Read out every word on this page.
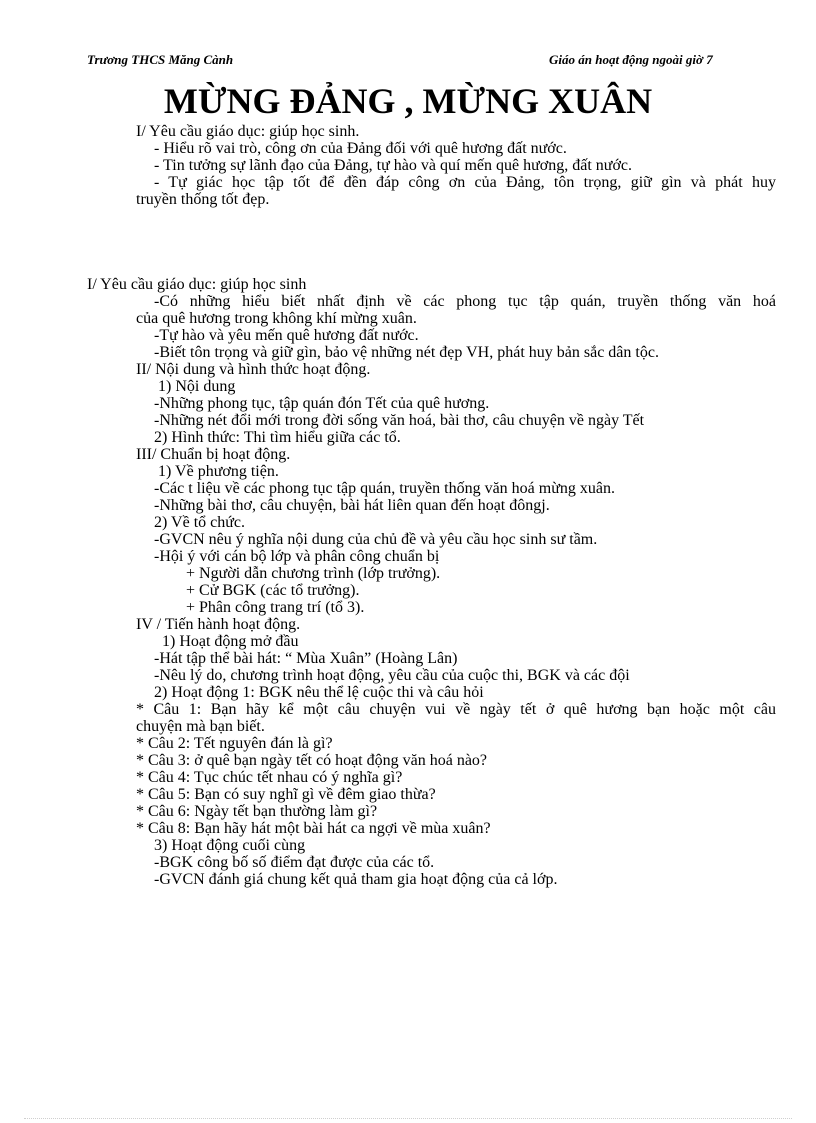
Trương THCS Măng Cành	Giáo án hoạt động ngoài giờ 7
MỪNG ĐẢNG , MỪNG XUÂN
I/ Yêu cầu giáo dục: giúp học sinh.
- Hiểu rõ vai trò, công ơn của Đảng đối với quê hương đất nước.
- Tin tưởng sự lãnh đạo của Đảng, tự hào và quí mến quê hương, đất nước.
- Tự giác học tập tốt để đền đáp công ơn của Đảng, tôn trọng, giữ gìn và phát huy
truyền thống tốt đẹp.
I/ Yêu cầu giáo dục: giúp học sinh
-Có những hiểu biết nhất định về các phong tục tập quán, truyền thống văn hoá
của quê hương trong không khí mừng xuân.
-Tự hào và yêu mến quê hương đất nước.
-Biết tôn trọng và giữ gìn, bảo vệ những nét đẹp VH, phát huy bản sắc dân tộc.
II/ Nội dung và hình thức hoạt động.
1) Nội dung
-Những phong tục, tập quán đón Tết của quê hương.
-Những nét đổi mới trong đời sống văn hoá, bài thơ, câu chuyện về ngày Tết
2) Hình thức: Thi tìm hiểu giữa các tổ.
III/ Chuẩn bị hoạt động.
1) Về phương tiện.
-Các t liệu về các phong tục tập quán, truyền thống văn hoá mừng xuân.
-Những bài thơ, câu chuyện, bài hát liên quan đến hoạt đôngj.
2) Về tổ chức.
-GVCN nêu ý nghĩa nội dung của chủ đề và yêu cầu học sinh sư tầm.
-Hội ý với cán bộ lớp và phân công chuẩn bị
+ Người dẫn chương trình (lớp trưởng).
+ Cử BGK (các tổ trưởng).
+ Phân công trang trí (tổ 3).
IV / Tiến hành hoạt động.
1) Hoạt động mở đầu
-Hát tập thể bài hát: “ Mùa Xuân” (Hoàng Lân)
-Nêu lý do, chương trình hoạt động, yêu cầu của cuộc thi, BGK và các đội
2) Hoạt động 1: BGK nêu thể lệ cuộc thi và câu hỏi
* Câu 1: Bạn hãy kể một câu chuyện vui về ngày tết ở quê hương bạn hoặc một câu
chuyện mà bạn biết.
* Câu 2: Tết nguyên đán là gì?
* Câu 3: ở quê bạn ngày tết có hoạt động văn hoá nào?
* Câu 4: Tục chúc tết nhau có ý nghĩa gì?
* Câu 5: Bạn có suy nghĩ gì về đêm giao thừa?
* Câu 6: Ngày tết bạn thường làm gì?
* Câu 8: Bạn hãy hát một bài hát ca ngợi về mùa xuân?
3) Hoạt động cuối cùng
-BGK công bố số điểm đạt được của các tổ.
-GVCN đánh giá chung kết quả tham gia hoạt động của cả lớp.
